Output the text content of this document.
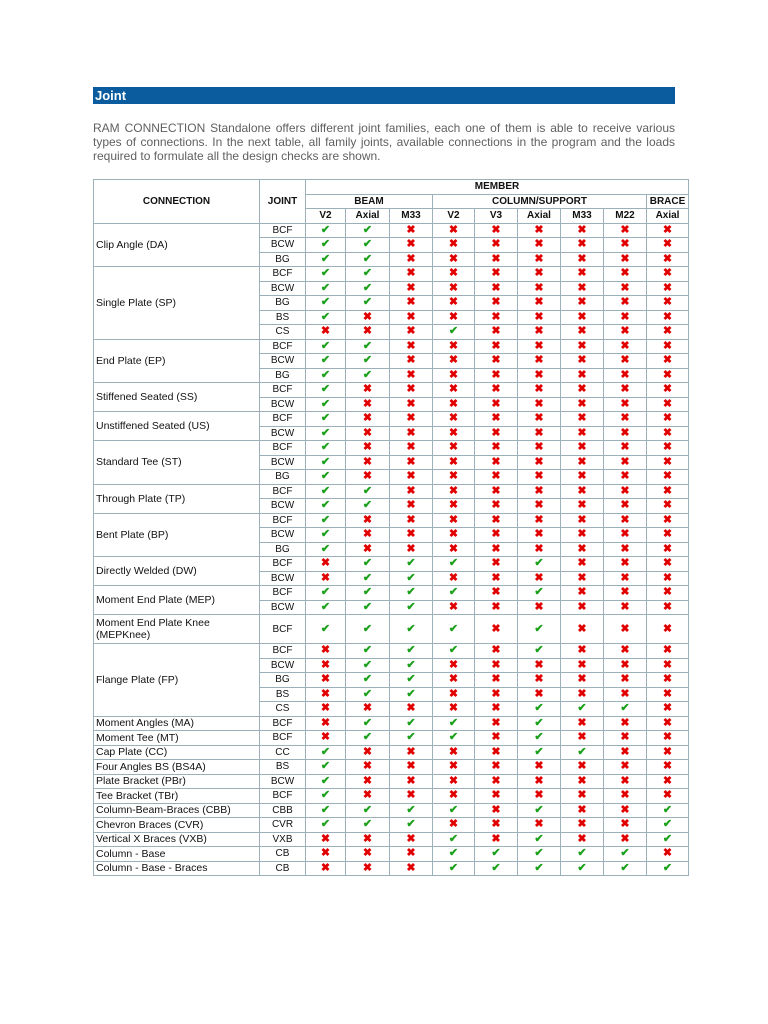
Joint
RAM CONNECTION Standalone offers different joint families, each one of them is able to receive various types of connections. In the next table, all family joints, available connections in the program and the loads required to formulate all the design checks are shown.
CONNECTION	JOINT	MEMBER								
		BEAM			COLUMN/SUPPORT					BRACE
		V2	Axial	M33	V2	V3	Axial	M33	M22	Axial
Clip Angle (DA)	BCF	✔	✔	✖	✖	✖	✖	✖	✖	✖
	BCW	✔	✔	✖	✖	✖	✖	✖	✖	✖
	BG	✔	✔	✖	✖	✖	✖	✖	✖	✖
Single Plate (SP)	BCF	✔	✔	✖	✖	✖	✖	✖	✖	✖
	BCW	✔	✔	✖	✖	✖	✖	✖	✖	✖
	BG	✔	✔	✖	✖	✖	✖	✖	✖	✖
	BS	✔	✖	✖	✖	✖	✖	✖	✖	✖
	CS	✖	✖	✖	✔	✖	✖	✖	✖	✖
End Plate (EP)	BCF	✔	✔	✖	✖	✖	✖	✖	✖	✖
	BCW	✔	✔	✖	✖	✖	✖	✖	✖	✖
	BG	✔	✔	✖	✖	✖	✖	✖	✖	✖
Stiffened Seated (SS)	BCF	✔	✖	✖	✖	✖	✖	✖	✖	✖
	BCW	✔	✖	✖	✖	✖	✖	✖	✖	✖
Unstiffened Seated (US)	BCF	✔	✖	✖	✖	✖	✖	✖	✖	✖
	BCW	✔	✖	✖	✖	✖	✖	✖	✖	✖
Standard Tee (ST)	BCF	✔	✖	✖	✖	✖	✖	✖	✖	✖
	BCW	✔	✖	✖	✖	✖	✖	✖	✖	✖
	BG	✔	✖	✖	✖	✖	✖	✖	✖	✖
Through Plate (TP)	BCF	✔	✔	✖	✖	✖	✖	✖	✖	✖
	BCW	✔	✔	✖	✖	✖	✖	✖	✖	✖
Bent Plate (BP)	BCF	✔	✖	✖	✖	✖	✖	✖	✖	✖
	BCW	✔	✖	✖	✖	✖	✖	✖	✖	✖
	BG	✔	✖	✖	✖	✖	✖	✖	✖	✖
Directly Welded (DW)	BCF	✖	✔	✔	✔	✖	✔	✖	✖	✖
	BCW	✖	✔	✔	✖	✖	✖	✖	✖	✖
Moment End Plate (MEP)	BCF	✔	✔	✔	✔	✖	✔	✖	✖	✖
	BCW	✔	✔	✔	✖	✖	✖	✖	✖	✖
Moment End Plate Knee (MEPKnee)	BCF	✔	✔	✔	✔	✖	✔	✖	✖	✖
Flange Plate (FP)	BCF	✖	✔	✔	✔	✖	✔	✖	✖	✖
	BCW	✖	✔	✔	✖	✖	✖	✖	✖	✖
	BG	✖	✔	✔	✖	✖	✖	✖	✖	✖
	BS	✖	✔	✔	✖	✖	✖	✖	✖	✖
	CS	✖	✖	✖	✖	✖	✔	✔	✔	✖
Moment Angles (MA)	BCF	✖	✔	✔	✔	✖	✔	✖	✖	✖
Moment Tee (MT)	BCF	✖	✔	✔	✔	✖	✔	✖	✖	✖
Cap Plate (CC)	CC	✔	✖	✖	✖	✖	✔	✔	✖	✖
Four Angles BS (BS4A)	BS	✔	✖	✖	✖	✖	✖	✖	✖	✖
Plate Bracket (PBr)	BCW	✔	✖	✖	✖	✖	✖	✖	✖	✖
Tee Bracket (TBr)	BCF	✔	✖	✖	✖	✖	✖	✖	✖	✖
Column-Beam-Braces (CBB)	CBB	✔	✔	✔	✔	✖	✔	✖	✖	✔
Chevron Braces (CVR)	CVR	✔	✔	✔	✖	✖	✖	✖	✖	✔
Vertical X Braces (VXB)	VXB	✖	✖	✖	✔	✖	✔	✖	✖	✔
Column - Base	CB	✖	✖	✖	✔	✔	✔	✔	✔	✖
Column - Base - Braces	CB	✖	✖	✖	✔	✔	✔	✔	✔	✔
